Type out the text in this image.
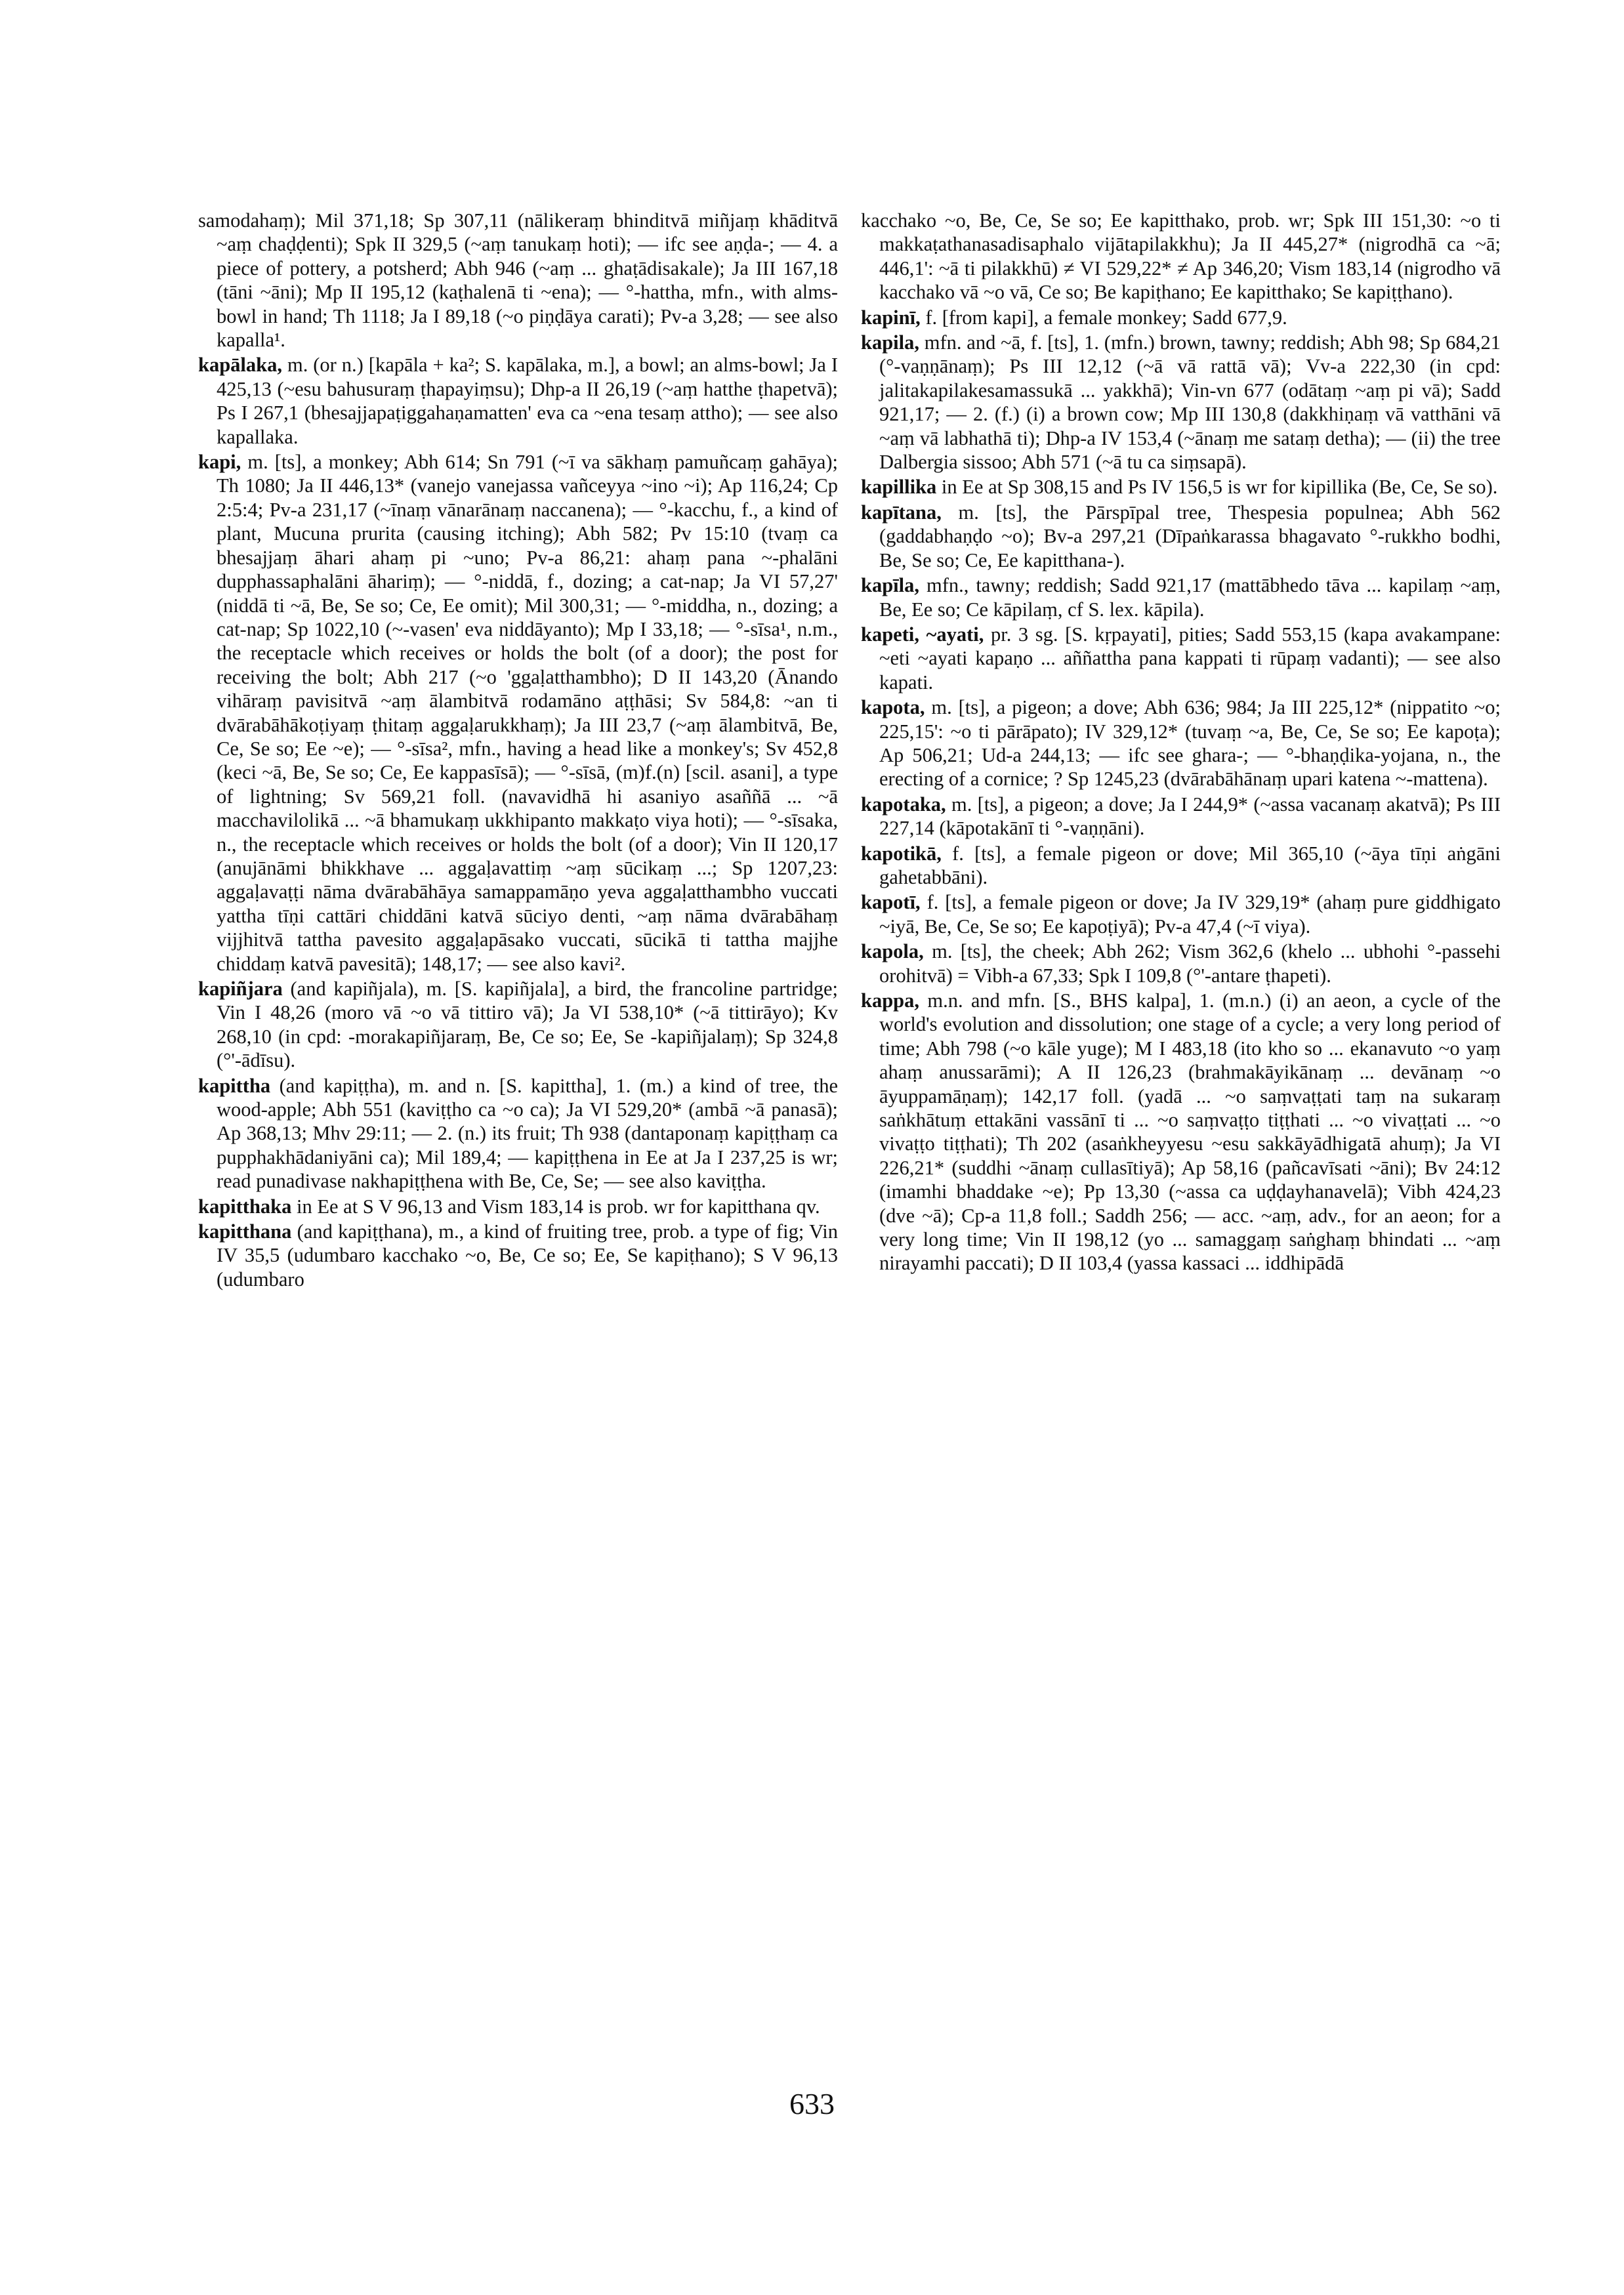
samodahaṃ); Mil 371,18; Sp 307,11 (nālikeraṃ bhinditvā miñjaṃ khāditvā ~aṃ chaḍḍenti); Spk II 329,5 (~aṃ tanukaṃ hoti); — ifc see aṇḍa-; — 4. a piece of pottery, a potsherd; Abh 946 (~aṃ ... ghaṭādisakale); Ja III 167,18 (tāni ~āni); Mp II 195,12 (kaṭhalenā ti ~ena); — °-hattha, mfn., with alms-bowl in hand; Th 1118; Ja I 89,18 (~o piṇḍāya carati); Pv-a 3,28; — see also kapalla¹.

kapālaka, m. (or n.) [kapāla + ka²; S. kapālaka, m.], a bowl; an alms-bowl; Ja I 425,13 (~esu bahusuraṃ ṭhapayiṃsu); Dhp-a II 26,19 (~aṃ hatthe ṭhapetvā); Ps I 267,1 (bhesajjapaṭiggahaṇamatten' eva ca ~ena tesaṃ attho); — see also kapallaka.

kapi, m. [ts], a monkey; Abh 614; Sn 791 (~ī va sākhaṃ pamuñcaṃ gahāya); Th 1080; Ja II 446,13* (vanejo vanejassa vañceyya ~ino ~i); Ap 116,24; Cp 2:5:4; Pv-a 231,17 (~īnaṃ vānarānaṃ naccanena); — °-kacchu, f., a kind of plant, Mucuna prurita (causing itching); Abh 582; Pv 15:10 (tvaṃ ca bhesajjaṃ āhari ahaṃ pi ~uno; Pv-a 86,21: ahaṃ pana ~-phalāni dupphassaphalāni āhariṃ); — °-niddā, f., dozing; a cat-nap; Ja VI 57,27' (niddā ti ~ā, Be, Se so; Ce, Ee omit); Mil 300,31; — °-middha, n., dozing; a cat-nap; Sp 1022,10 (~-vasen' eva niddāyanto); Mp I 33,18; — °-sīsa¹, n.m., the receptacle which receives or holds the bolt (of a door); the post for receiving the bolt; Abh 217 (~o 'ggaḷatthambho); D II 143,20 (Ānando vihāraṃ pavisitvā ~aṃ ālambitvā rodamāno aṭṭhāsi; Sv 584,8: ~an ti dvārabāhākoṭiyaṃ ṭhitaṃ aggaḷarukkhaṃ); Ja III 23,7 (~aṃ ālambitvā, Be, Ce, Se so; Ee ~e); — °-sīsa², mfn., having a head like a monkey's; Sv 452,8 (keci ~ā, Be, Se so; Ce, Ee kappasīsā); — °-sīsā, (m)f.(n) [scil. asani], a type of lightning; Sv 569,21 foll. (navavidhā hi asaniyo asaññā ... ~ā macchavilolikā ... ~ā bhamukaṃ ukkhipanto makkaṭo viya hoti); — °-sīsaka, n., the receptacle which receives or holds the bolt (of a door); Vin II 120,17 (anujānāmi bhikkhave ... aggaḷavattiṃ ~aṃ sūcikaṃ ...; Sp 1207,23: aggaḷavaṭṭi nāma dvārabāhāya samappamāṇo yeva aggaḷatthambho vuccati yattha tīṇi cattāri chiddāni katvā sūciyo denti, ~aṃ nāma dvārabāhaṃ vijjhitvā tattha pavesito aggaḷapāsako vuccati, sūcikā ti tattha majjhe chiddaṃ katvā pavesitā); 148,17; — see also kavi².

kapiñjara (and kapiñjala), m. [S. kapiñjala], a bird, the francoline partridge; Vin I 48,26 (moro vā ~o vā tittiro vā); Ja VI 538,10* (~ā tittirāyo); Kv 268,10 (in cpd: -morakapiñjaraṃ, Be, Ce so; Ee, Se -kapiñjalaṃ); Sp 324,8 (°'-ādīsu).

kapittha (and kapiṭṭha), m. and n. [S. kapittha], 1. (m.) a kind of tree, the wood-apple; Abh 551 (kaviṭṭho ca ~o ca); Ja VI 529,20* (ambā ~ā panasā); Ap 368,13; Mhv 29:11; — 2. (n.) its fruit; Th 938 (dantaponaṃ kapiṭṭhaṃ ca pupphakhādaniyāni ca); Mil 189,4; — kapiṭṭhena in Ee at Ja I 237,25 is wr; read punadivase nakhapiṭṭhena with Be, Ce, Se; — see also kaviṭṭha.

kapitthaka in Ee at S V 96,13 and Vism 183,14 is prob. wr for kapitthana qv.

kapitthana (and kapiṭṭhana), m., a kind of fruiting tree, prob. a type of fig; Vin IV 35,5 (udumbaro kacchako ~o, Be, Ce so; Ee, Se kapiṭhano); S V 96,13 (udumbaro

kacchako ~o, Be, Ce, Se so; Ee kapitthako, prob. wr; Spk III 151,30: ~o ti makkaṭathanasadisaphalo vijātapilakkhu); Ja II 445,27* (nigrodhā ca ~ā; 446,1': ~ā ti pilakkhū) ≠ VI 529,22* ≠ Ap 346,20; Vism 183,14 (nigrodho vā kacchako vā ~o vā, Ce so; Be kapiṭhano; Ee kapitthako; Se kapiṭṭhano).

kapinī, f. [from kapi], a female monkey; Sadd 677,9.

kapila, mfn. and ~ā, f. [ts], 1. (mfn.) brown, tawny; reddish; Abh 98; Sp 684,21 (°-vaṇṇānaṃ); Ps III 12,12 (~ā vā rattā vā); Vv-a 222,30 (in cpd: jalitakapilakesamassukā ... yakkhā); Vin-vn 677 (odātaṃ ~aṃ pi vā); Sadd 921,17; — 2. (f.) (i) a brown cow; Mp III 130,8 (dakkhiṇaṃ vā vatthāni vā ~aṃ vā labhathā ti); Dhp-a IV 153,4 (~ānaṃ me sataṃ detha); — (ii) the tree Dalbergia sissoo; Abh 571 (~ā tu ca siṃsapā).

kapillika in Ee at Sp 308,15 and Ps IV 156,5 is wr for kipillika (Be, Ce, Se so).

kapītana, m. [ts], the Pārspīpal tree, Thespesia populnea; Abh 562 (gaddabhaṇḍo ~o); Bv-a 297,21 (Dīpaṅkarassa bhagavato °-rukkho bodhi, Be, Se so; Ce, Ee kapitthana-).

kapīla, mfn., tawny; reddish; Sadd 921,17 (mattābhedo tāva ... kapilaṃ ~aṃ, Be, Ee so; Ce kāpilaṃ, cf S. lex. kāpila).

kapeti, ~ayati, pr. 3 sg. [S. kṛpayati], pities; Sadd 553,15 (kapa avakampane: ~eti ~ayati kapaṇo ... aññattha pana kappati ti rūpaṃ vadanti); — see also kapati.

kapota, m. [ts], a pigeon; a dove; Abh 636; 984; Ja III 225,12* (nippatito ~o; 225,15': ~o ti pārāpato); IV 329,12* (tuvaṃ ~a, Be, Ce, Se so; Ee kapoṭa); Ap 506,21; Ud-a 244,13; — ifc see ghara-; — °-bhaṇḍika-yojana, n., the erecting of a cornice; ? Sp 1245,23 (dvārabāhānaṃ upari katena ~-mattena).

kapotaka, m. [ts], a pigeon; a dove; Ja I 244,9* (~assa vacanaṃ akatvā); Ps III 227,14 (kāpotakānī ti °-vaṇṇāni).

kapotikā, f. [ts], a female pigeon or dove; Mil 365,10 (~āya tīṇi aṅgāni gahetabbāni).

kapotī, f. [ts], a female pigeon or dove; Ja IV 329,19* (ahaṃ pure giddhigato ~iyā, Be, Ce, Se so; Ee kapoṭiyā); Pv-a 47,4 (~ī viya).

kapola, m. [ts], the cheek; Abh 262; Vism 362,6 (khelo ... ubhohi °-passehi orohitvā) = Vibh-a 67,33; Spk I 109,8 (°'-antare ṭhapeti).

kappa, m.n. and mfn. [S., BHS kalpa], 1. (m.n.) (i) an aeon, a cycle of the world's evolution and dissolution; one stage of a cycle; a very long period of time; Abh 798 (~o kāle yuge); M I 483,18 (ito kho so ... ekanavuto ~o yaṃ ahaṃ anussarāmi); A II 126,23 (brahmakāyikānaṃ ... devānaṃ ~o āyuppamāṇaṃ); 142,17 foll. (yadā ... ~o saṃvaṭṭati taṃ na sukaraṃ saṅkhātuṃ ettakāni vassānī ti ... ~o saṃvaṭṭo tiṭṭhati ... ~o vivaṭṭati ... ~o vivaṭṭo tiṭṭhati); Th 202 (asaṅkheyyesu ~esu sakkāyādhigatā ahuṃ); Ja VI 226,21* (suddhi ~ānaṃ cullasītiyā); Ap 58,16 (pañcavīsati ~āni); Bv 24:12 (imamhi bhaddake ~e); Pp 13,30 (~assa ca uḍḍayhanavelā); Vibh 424,23 (dve ~ā); Cp-a 11,8 foll.; Saddh 256; — acc. ~aṃ, adv., for an aeon; for a very long time; Vin II 198,12 (yo ... samaggaṃ saṅghaṃ bhindati ... ~aṃ nirayamhi paccati); D II 103,4 (yassa kassaci ... iddhipādā

633
